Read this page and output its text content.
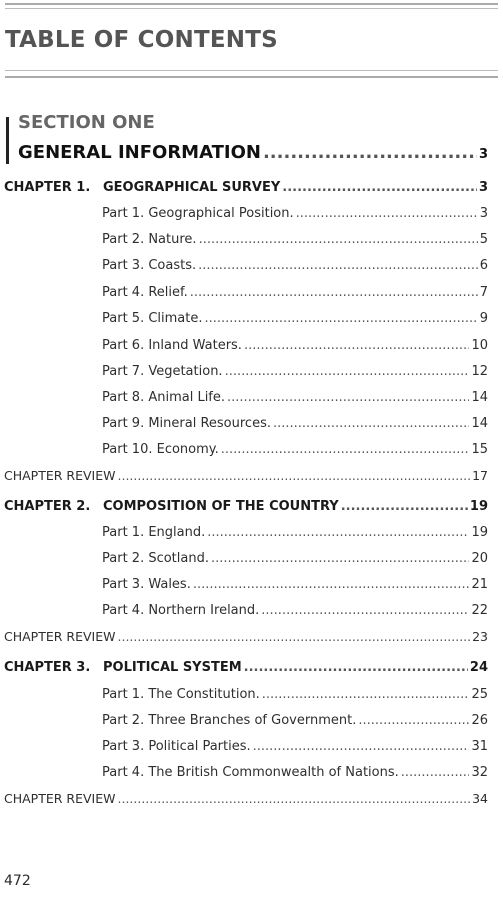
TABLE OF CONTENTS
SECTION ONE
GENERAL INFORMATION .....	3
CHAPTER 1. GEOGRAPHICAL SURVEY .....	3
Part 1. Geographical Position. .....	3
Part 2. Nature. .....	5
Part 3. Coasts. .....	6
Part 4. Relief. .....	7
Part 5. Climate. .....	9
Part 6. Inland Waters. .....	10
Part 7. Vegetation. .....	12
Part 8. Animal Life. .....	14
Part 9. Mineral Resources. .....	14
Part 10. Economy. .....	15
CHAPTER REVIEW .....	17
CHAPTER 2. COMPOSITION OF THE COUNTRY .....	19
Part 1. England. .....	19
Part 2. Scotland. .....	20
Part 3. Wales. .....	21
Part 4. Northern Ireland. .....	22
CHAPTER REVIEW .....	23
CHAPTER 3. POLITICAL SYSTEM .....	24
Part 1. The Constitution. .....	25
Part 2. Three Branches of Government. .....	26
Part 3. Political Parties. .....	31
Part 4. The British Commonwealth of Nations. .....	32
CHAPTER REVIEW .....	34
472
